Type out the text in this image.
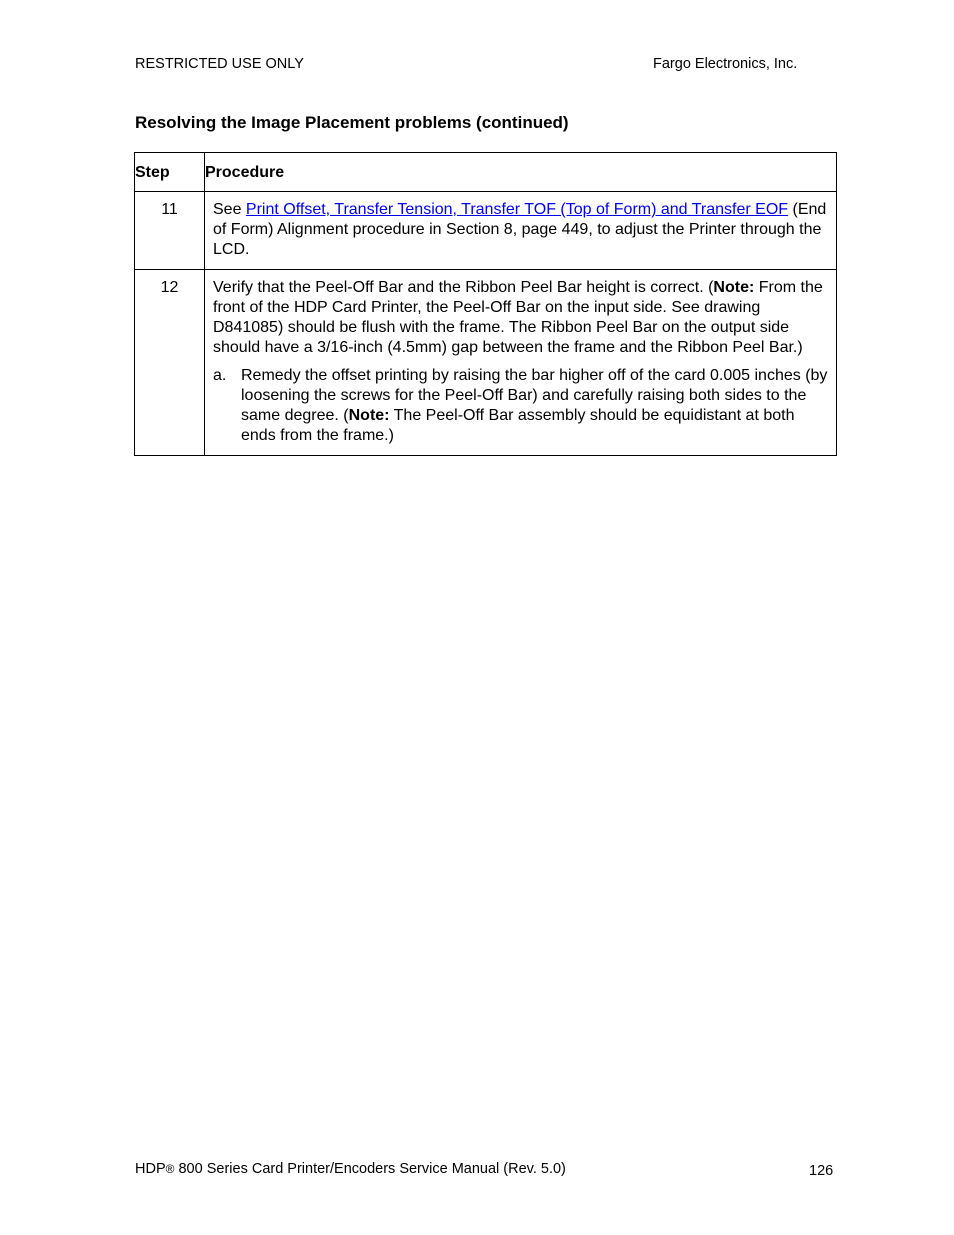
RESTRICTED USE ONLY	Fargo Electronics, Inc.
Resolving the Image Placement problems (continued)
Step	Procedure
11	See Print Offset, Transfer Tension, Transfer TOF (Top of Form) and Transfer EOF (End of Form) Alignment procedure in Section 8, page 449, to adjust the Printer through the LCD.
12	Verify that the Peel-Off Bar and the Ribbon Peel Bar height is correct. (Note: From the front of the HDP Card Printer, the Peel-Off Bar on the input side. See drawing D841085) should be flush with the frame. The Ribbon Peel Bar on the output side should have a 3/16-inch (4.5mm) gap between the frame and the Ribbon Peel Bar.)
a. Remedy the offset printing by raising the bar higher off of the card 0.005 inches (by loosening the screws for the Peel-Off Bar) and carefully raising both sides to the same degree. (Note: The Peel-Off Bar assembly should be equidistant at both ends from the frame.)
HDP® 800 Series Card Printer/Encoders Service Manual (Rev. 5.0)	126
